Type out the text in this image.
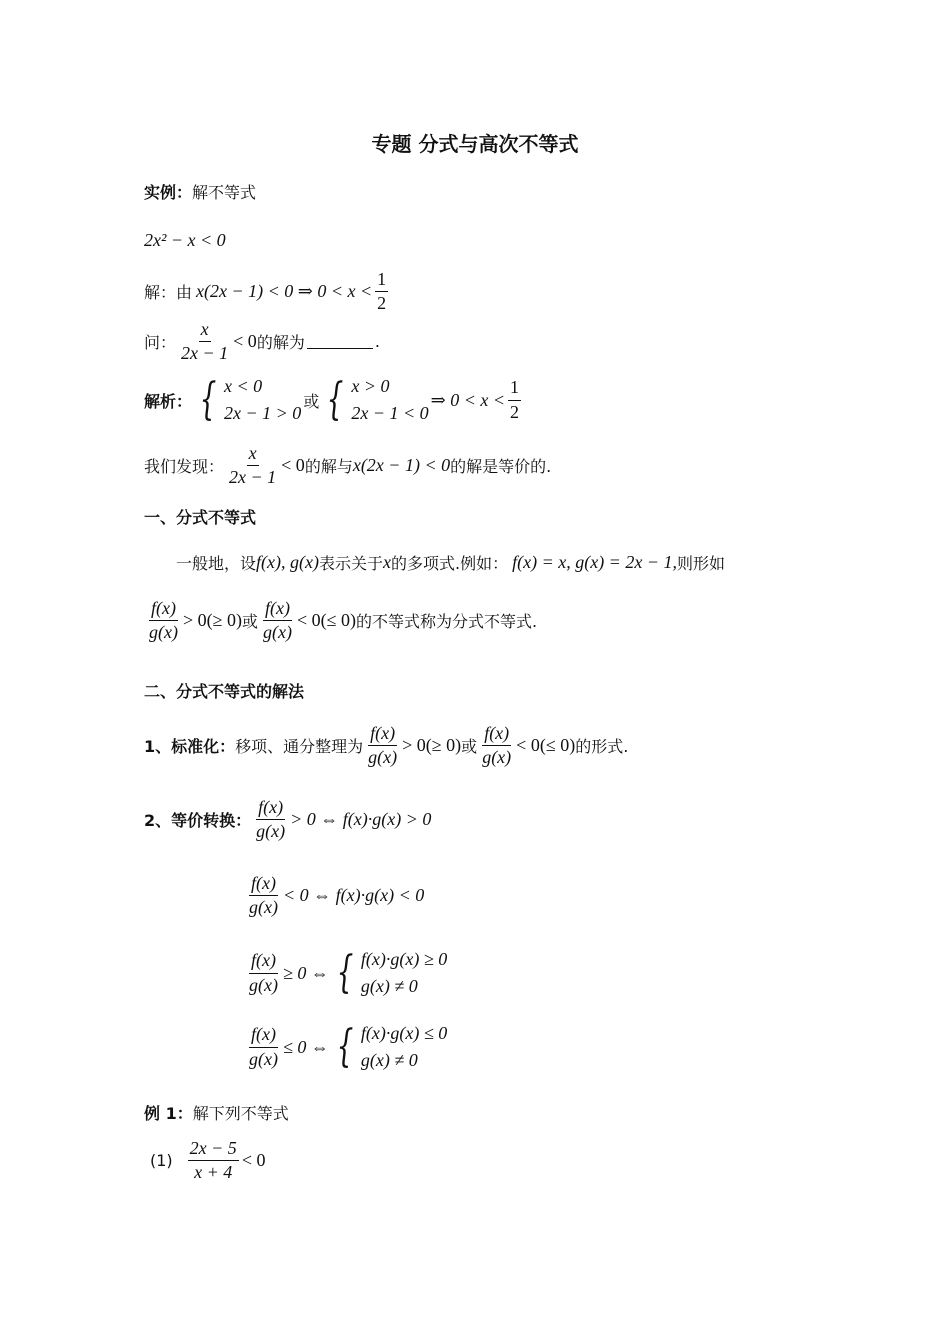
专题 分式与高次不等式
实例： 解不等式
2x² − x < 0
解：由 x(2x − 1) < 0 ⇒ $0 < x < \frac{1}{2}$
问： $\frac{x}{2x - 1} < 0$ 的解为	.
解析： { x < 0
2x − 1 > 0
或 { x > 0
2x − 1 < 0
⇒ $0 < x < \frac{1}{2}$
我们发现： $\frac{x}{2x - 1} < 0$ 的解与 x(2x − 1) < 0 的解是等价的.
一、分式不等式
一般地，设 f(x), g(x) 表示关于 x 的多项式.例如： f(x) = x, g(x) = 2x − 1, 则形如
$\frac{f(x)}{g(x)} > 0(\ge 0)$ 或 $\frac{f(x)}{g(x)} < 0(\le 0)$ 的不等式称为分式不等式.
二、分式不等式的解法
1、标准化： 移项、通分整理为 $\frac{f(x)}{g(x)} > 0(\ge 0)$ 或 $\frac{f(x)}{g(x)} < 0(\le 0)$ 的形式.
2、等价转换： $\frac{f(x)}{g(x)} > 0$ ⇔ f(x)·g(x) > 0
$\frac{f(x)}{g(x)} < 0$ ⇔ f(x)·g(x) < 0
$\frac{f(x)}{g(x)} \ge 0$ ⇔ { f(x)·g(x) ≥ 0
g(x) ≠ 0
$\frac{f(x)}{g(x)} \le 0$ ⇔ { f(x)·g(x) ≤ 0
g(x) ≠ 0
例 1： 解下列不等式
$(1) \frac{2x - 5}{x + 4} < 0$
